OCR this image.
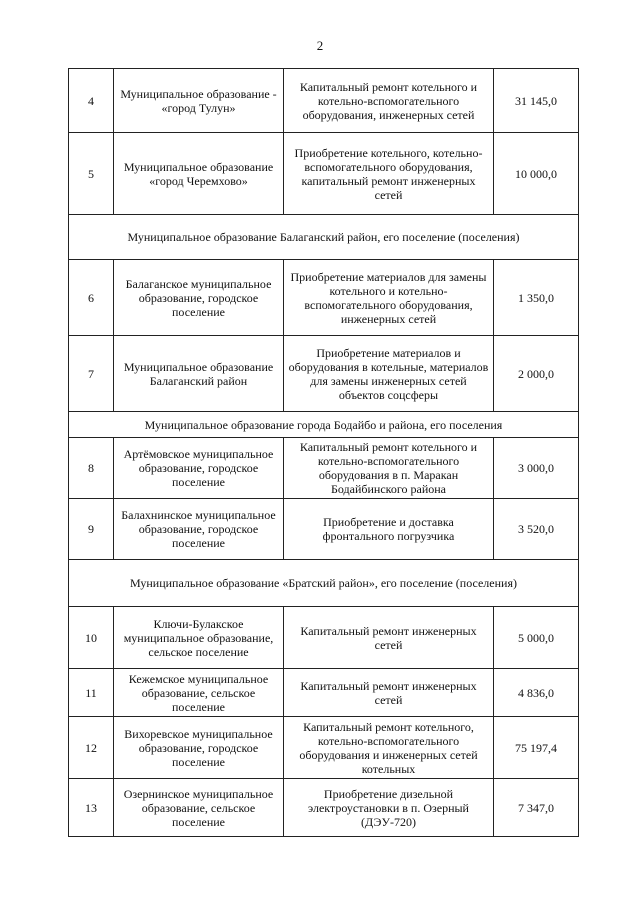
2
4	Муниципальное образование - «город Тулун»	Капитальный ремонт котельного и котельно-вспомогательного оборудования, инженерных сетей	31 145,0
5	Муниципальное образование «город Черемхово»	Приобретение котельного, котельно-вспомогательного оборудования, капитальный ремонт инженерных сетей	10 000,0
Муниципальное образование Балаганский район, его поселение (поселения)			
6	Балаганское муниципальное образование, городское поселение	Приобретение материалов для замены котельного и котельно-вспомогательного оборудования, инженерных сетей	1 350,0
7	Муниципальное образование Балаганский район	Приобретение материалов и оборудования в котельные, материалов для замены инженерных сетей объектов соцсферы	2 000,0
Муниципальное образование города Бодайбо и района, его поселения			
8	Артёмовское муниципальное образование, городское поселение	Капитальный ремонт котельного и котельно-вспомогательного оборудования в п. Маракан Бодайбинского района	3 000,0
9	Балахнинское муниципальное образование, городское поселение	Приобретение и доставка фронтального погрузчика	3 520,0
Муниципальное образование «Братский район», его поселение (поселения)			
10	Ключи-Булакское муниципальное образование, сельское поселение	Капитальный ремонт инженерных сетей	5 000,0
11	Кежемское муниципальное образование, сельское поселение	Капитальный ремонт инженерных сетей	4 836,0
12	Вихоревское муниципальное образование, городское поселение	Капитальный ремонт котельного, котельно-вспомогательного оборудования и инженерных сетей котельных	75 197,4
13	Озернинское муниципальное образование, сельское поселение	Приобретение дизельной электроустановки в п. Озерный (ДЭУ-720)	7 347,0
